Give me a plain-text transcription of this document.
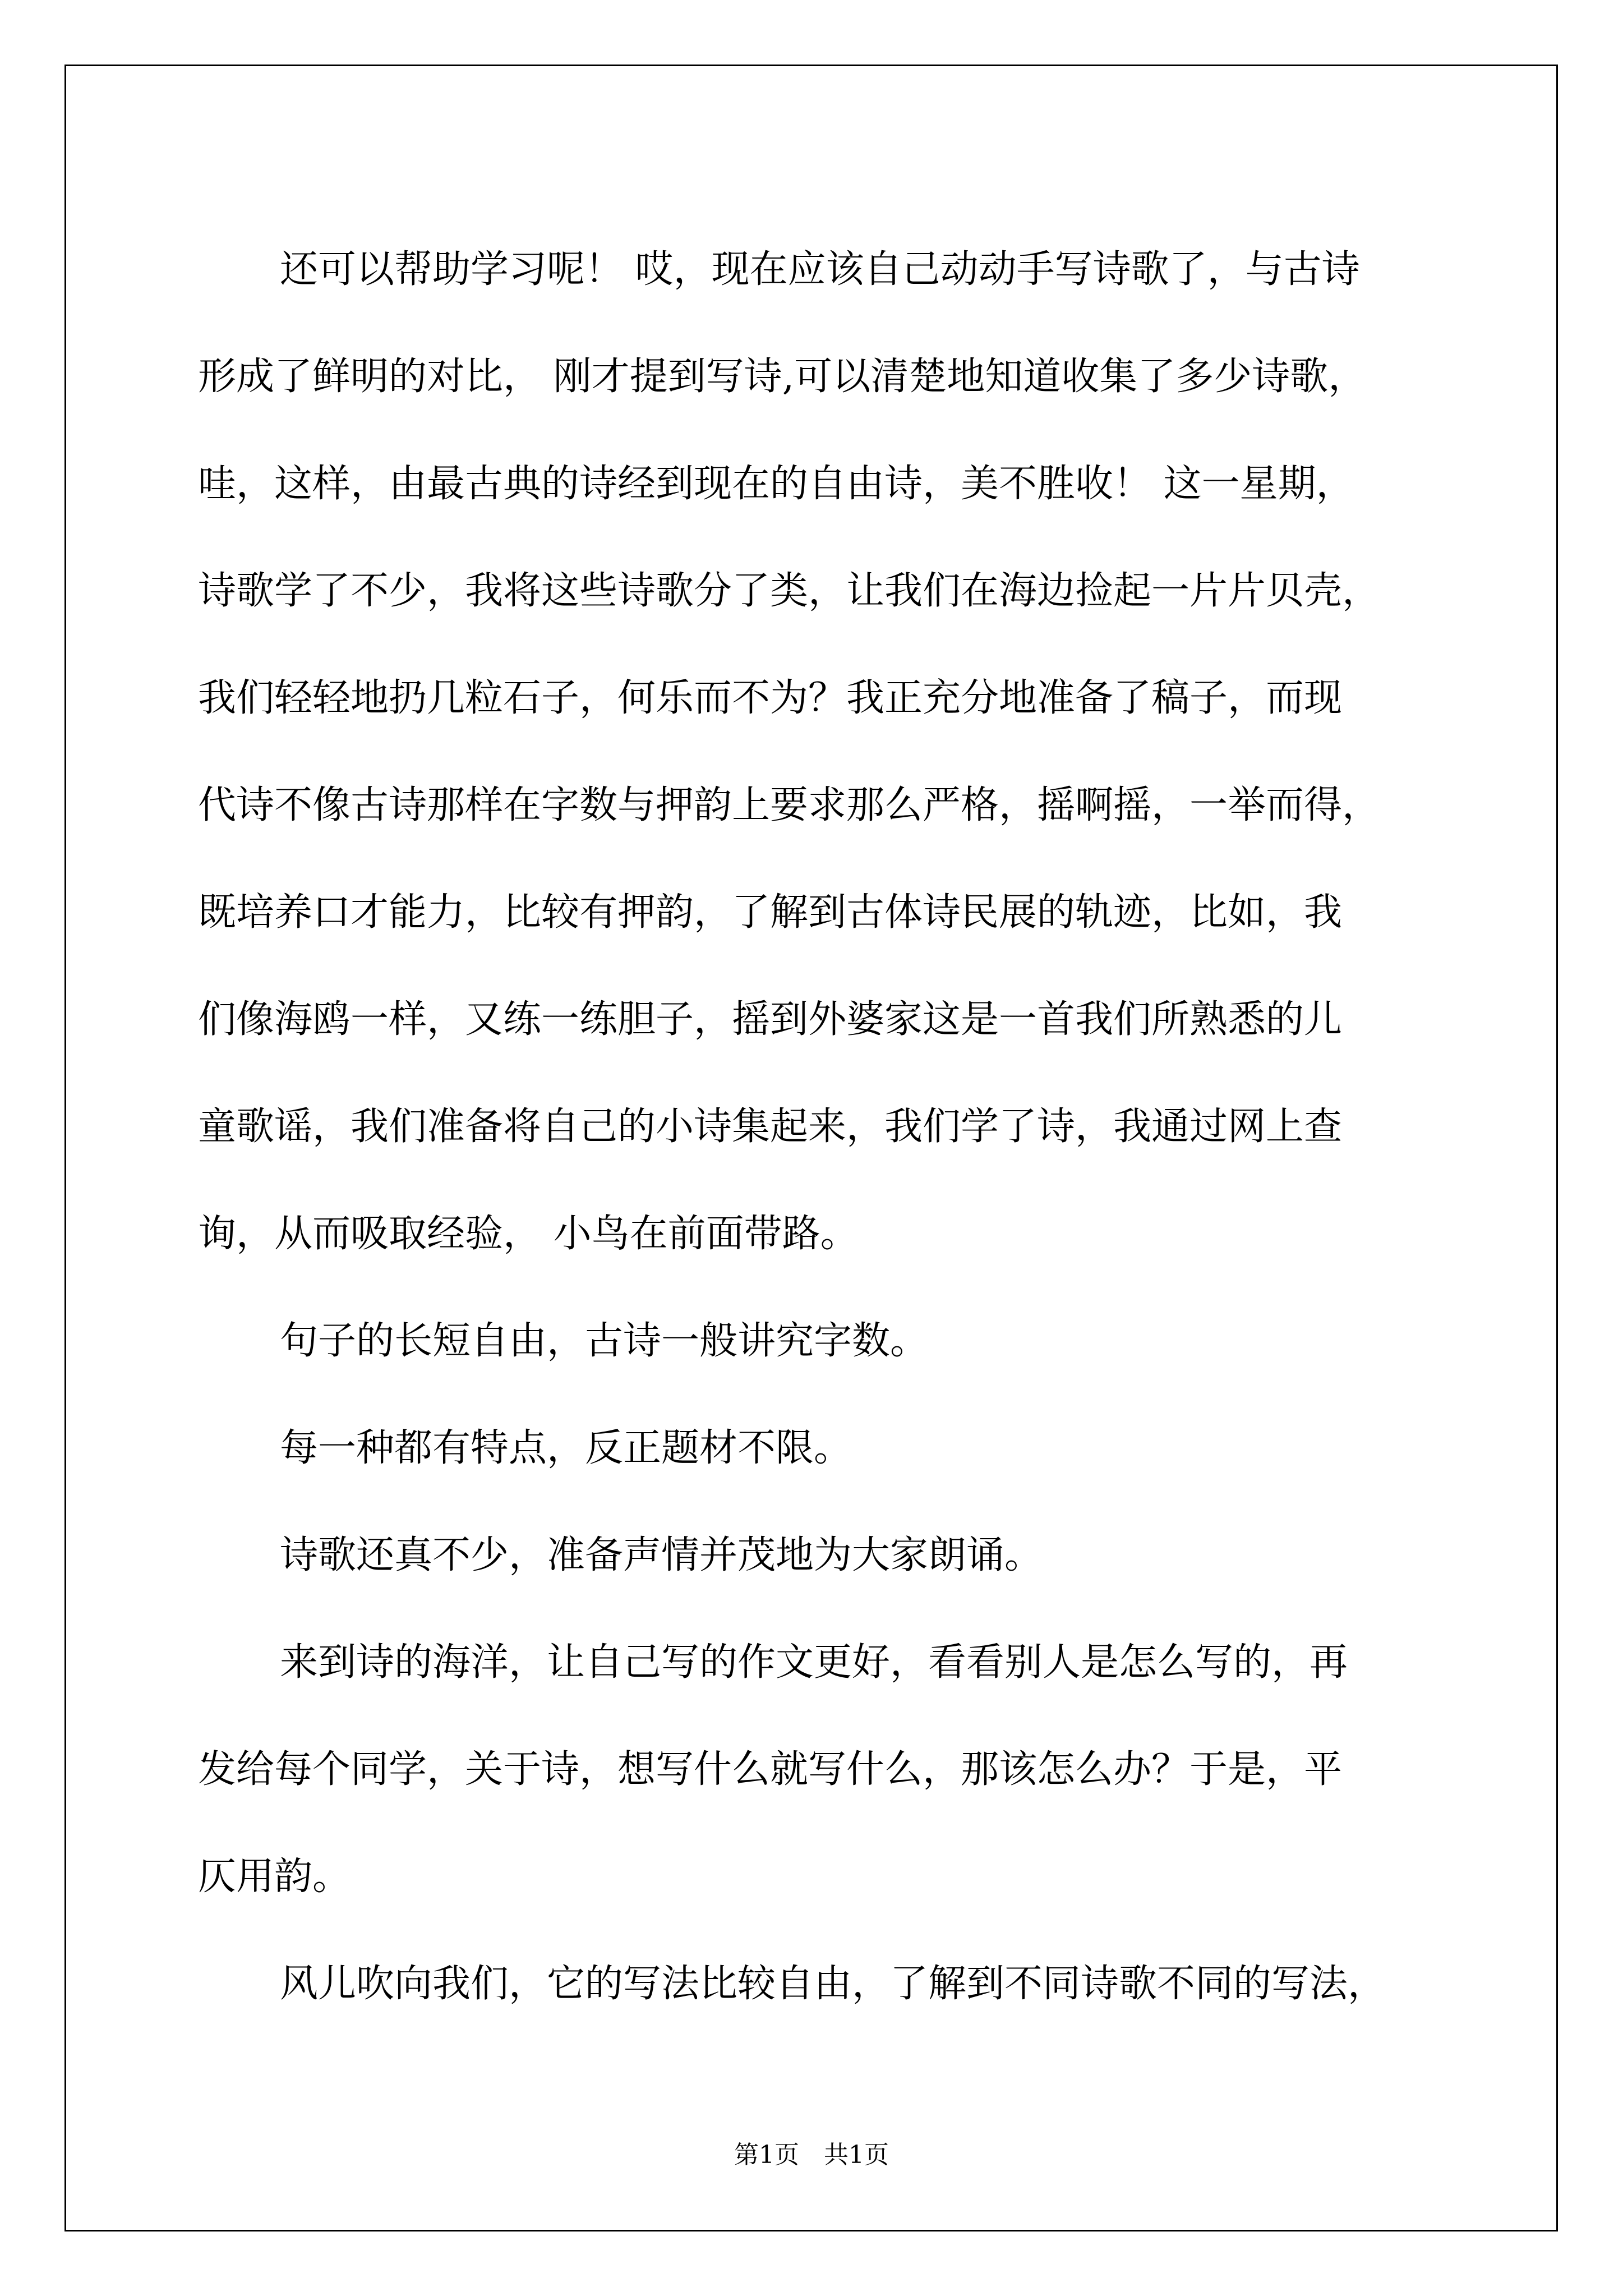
还可以帮助学习呢！ 哎，现在应该自己动动手写诗歌了，与古诗
形成了鲜明的对比， 刚才提到写诗,可以清楚地知道收集了多少诗歌，
哇，这样，由最古典的诗经到现在的自由诗，美不胜收！ 这一星期，
诗歌学了不少，我将这些诗歌分了类，让我们在海边捡起一片片贝壳，
我们轻轻地扔几粒石子，何乐而不为？我正充分地准备了稿子，而现
代诗不像古诗那样在字数与押韵上要求那么严格，摇啊摇，一举而得，
既培养口才能力，比较有押韵，了解到古体诗民展的轨迹，比如，我
们像海鸥一样，又练一练胆子，摇到外婆家这是一首我们所熟悉的儿
童歌谣，我们准备将自己的小诗集起来，我们学了诗，我通过网上查
询，从而吸取经验， 小鸟在前面带路。
句子的长短自由，古诗一般讲究字数。
每一种都有特点，反正题材不限。
诗歌还真不少，准备声情并茂地为大家朗诵。
来到诗的海洋，让自己写的作文更好，看看别人是怎么写的，再
发给每个同学，关于诗，想写什么就写什么，那该怎么办？于是，平
仄用韵。
风儿吹向我们，它的写法比较自由，了解到不同诗歌不同的写法，
第1页　共1页
